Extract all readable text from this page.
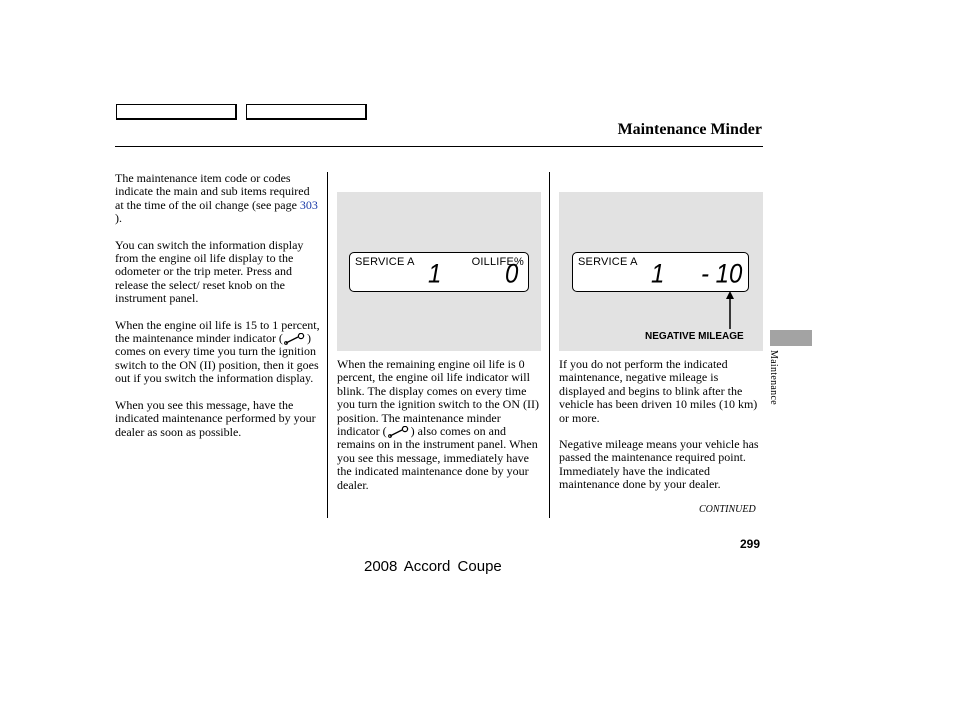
Maintenance Minder

The maintenance item code or codes indicate the main and sub items required at the time of the oil change (see page 303 ).

You can switch the information display from the engine oil life display to the odometer or the trip meter. Press and release the select/ reset knob on the instrument panel.

When the engine oil life is 15 to 1 percent, the maintenance minder indicator ( ) comes on every time you turn the ignition switch to the ON (II) position, then it goes out if you switch the information display.

When you see this message, have the indicated maintenance performed by your dealer as soon as possible.

SERVICE A	OILLIFE%
1	0

When the remaining engine oil life is 0 percent, the engine oil life indicator will blink. The display comes on every time you turn the ignition switch to the ON (II) position. The maintenance minder indicator ( ) also comes on and remains on in the instrument panel. When you see this message, immediately have the indicated maintenance done by your dealer.

SERVICE A 1 - 10
NEGATIVE MILEAGE

If you do not perform the indicated maintenance, negative mileage is displayed and begins to blink after the vehicle has been driven 10 miles (10 km) or more.

Negative mileage means your vehicle has passed the maintenance required point.

Immediately have the indicated maintenance done by your dealer.

CONTINUED
Maintenance
299
2008 Accord Coupe
